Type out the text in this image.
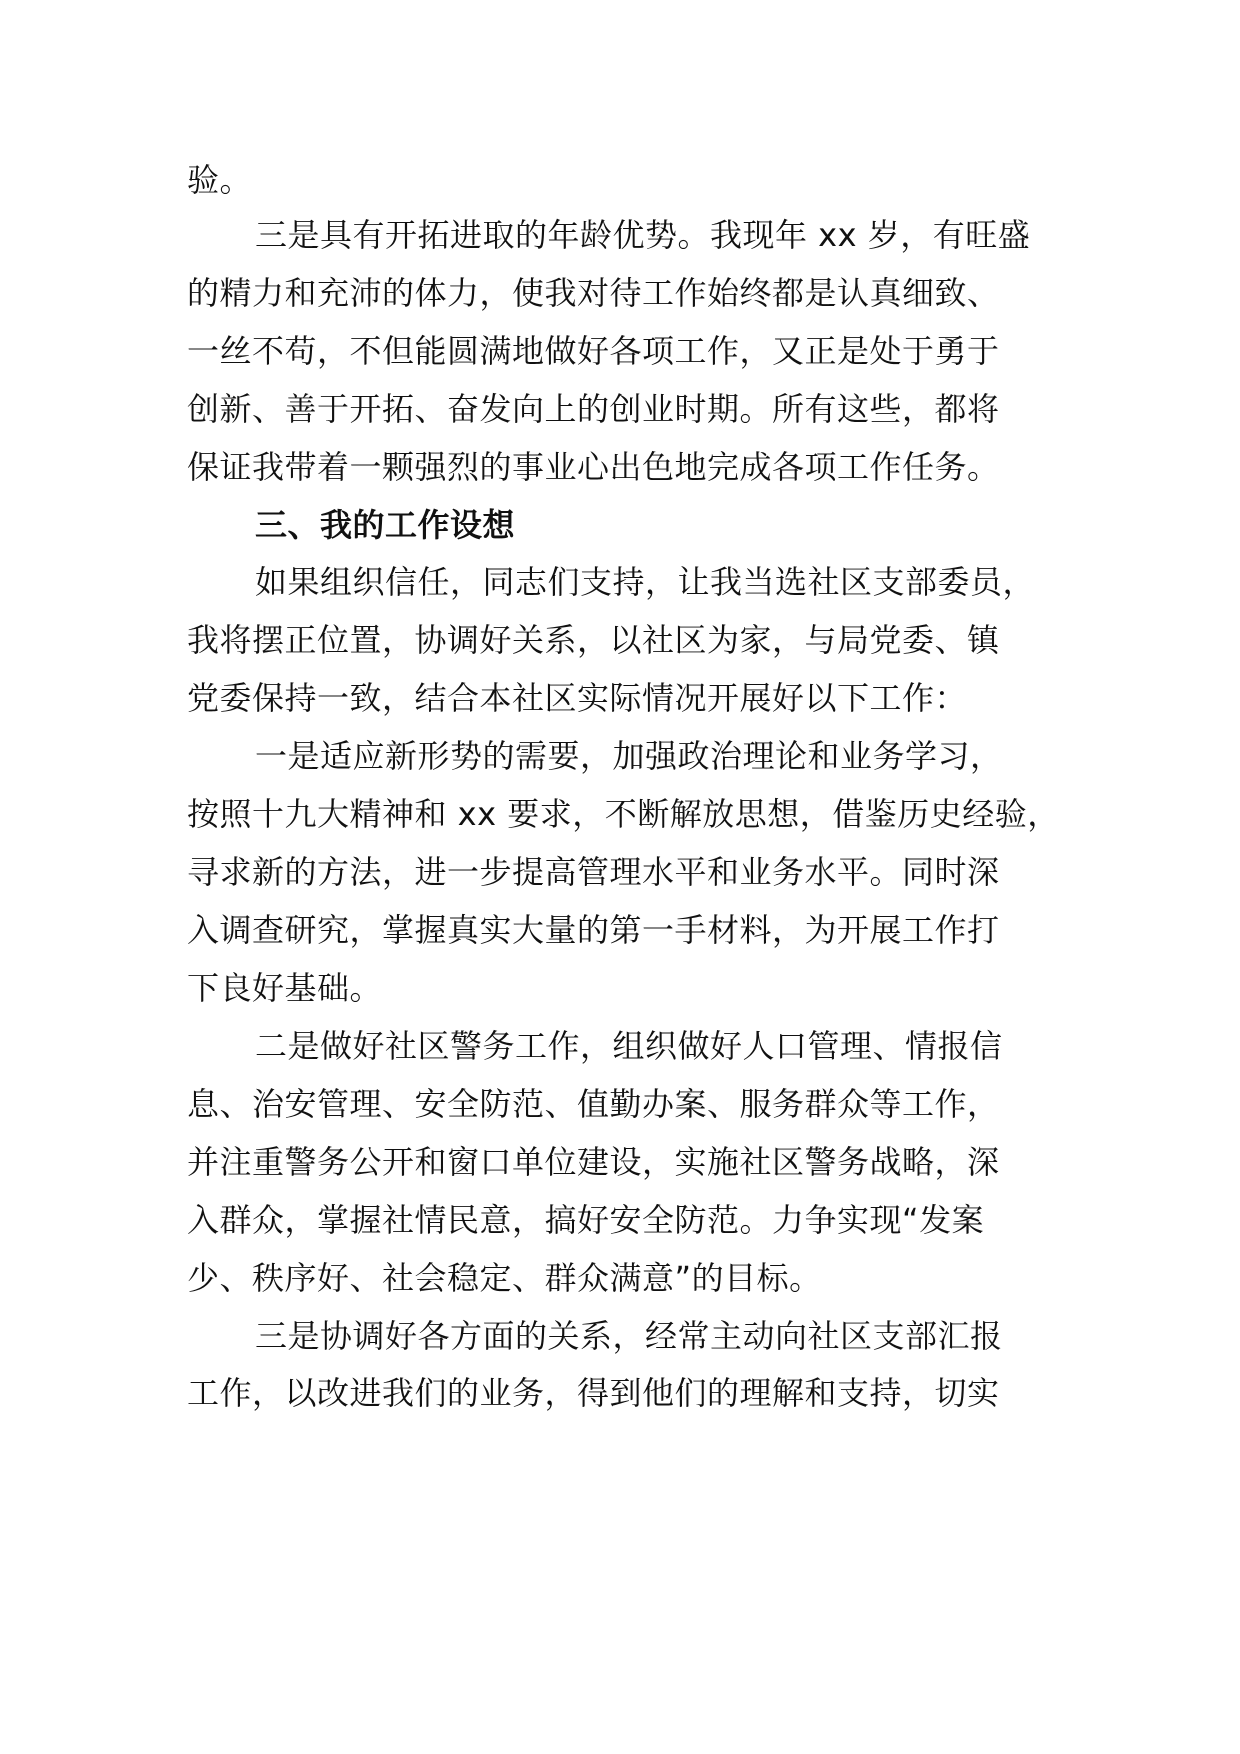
验。
三是具有开拓进取的年龄优势。我现年 xx 岁，有旺盛
的精力和充沛的体力，使我对待工作始终都是认真细致、
一丝不苟，不但能圆满地做好各项工作，又正是处于勇于
创新、善于开拓、奋发向上的创业时期。所有这些，都将
保证我带着一颗强烈的事业心出色地完成各项工作任务。
三、我的工作设想
如果组织信任，同志们支持，让我当选社区支部委员，
我将摆正位置，协调好关系，以社区为家，与局党委、镇
党委保持一致，结合本社区实际情况开展好以下工作：
一是适应新形势的需要，加强政治理论和业务学习，
按照十九大精神和 xx 要求，不断解放思想，借鉴历史经验，
寻求新的方法，进一步提高管理水平和业务水平。同时深
入调查研究，掌握真实大量的第一手材料，为开展工作打
下良好基础。
二是做好社区警务工作，组织做好人口管理、情报信
息、治安管理、安全防范、值勤办案、服务群众等工作，
并注重警务公开和窗口单位建设，实施社区警务战略，深
入群众，掌握社情民意，搞好安全防范。力争实现“发案
少、秩序好、社会稳定、群众满意”的目标。
三是协调好各方面的关系，经常主动向社区支部汇报
工作，以改进我们的业务，得到他们的理解和支持，切实
